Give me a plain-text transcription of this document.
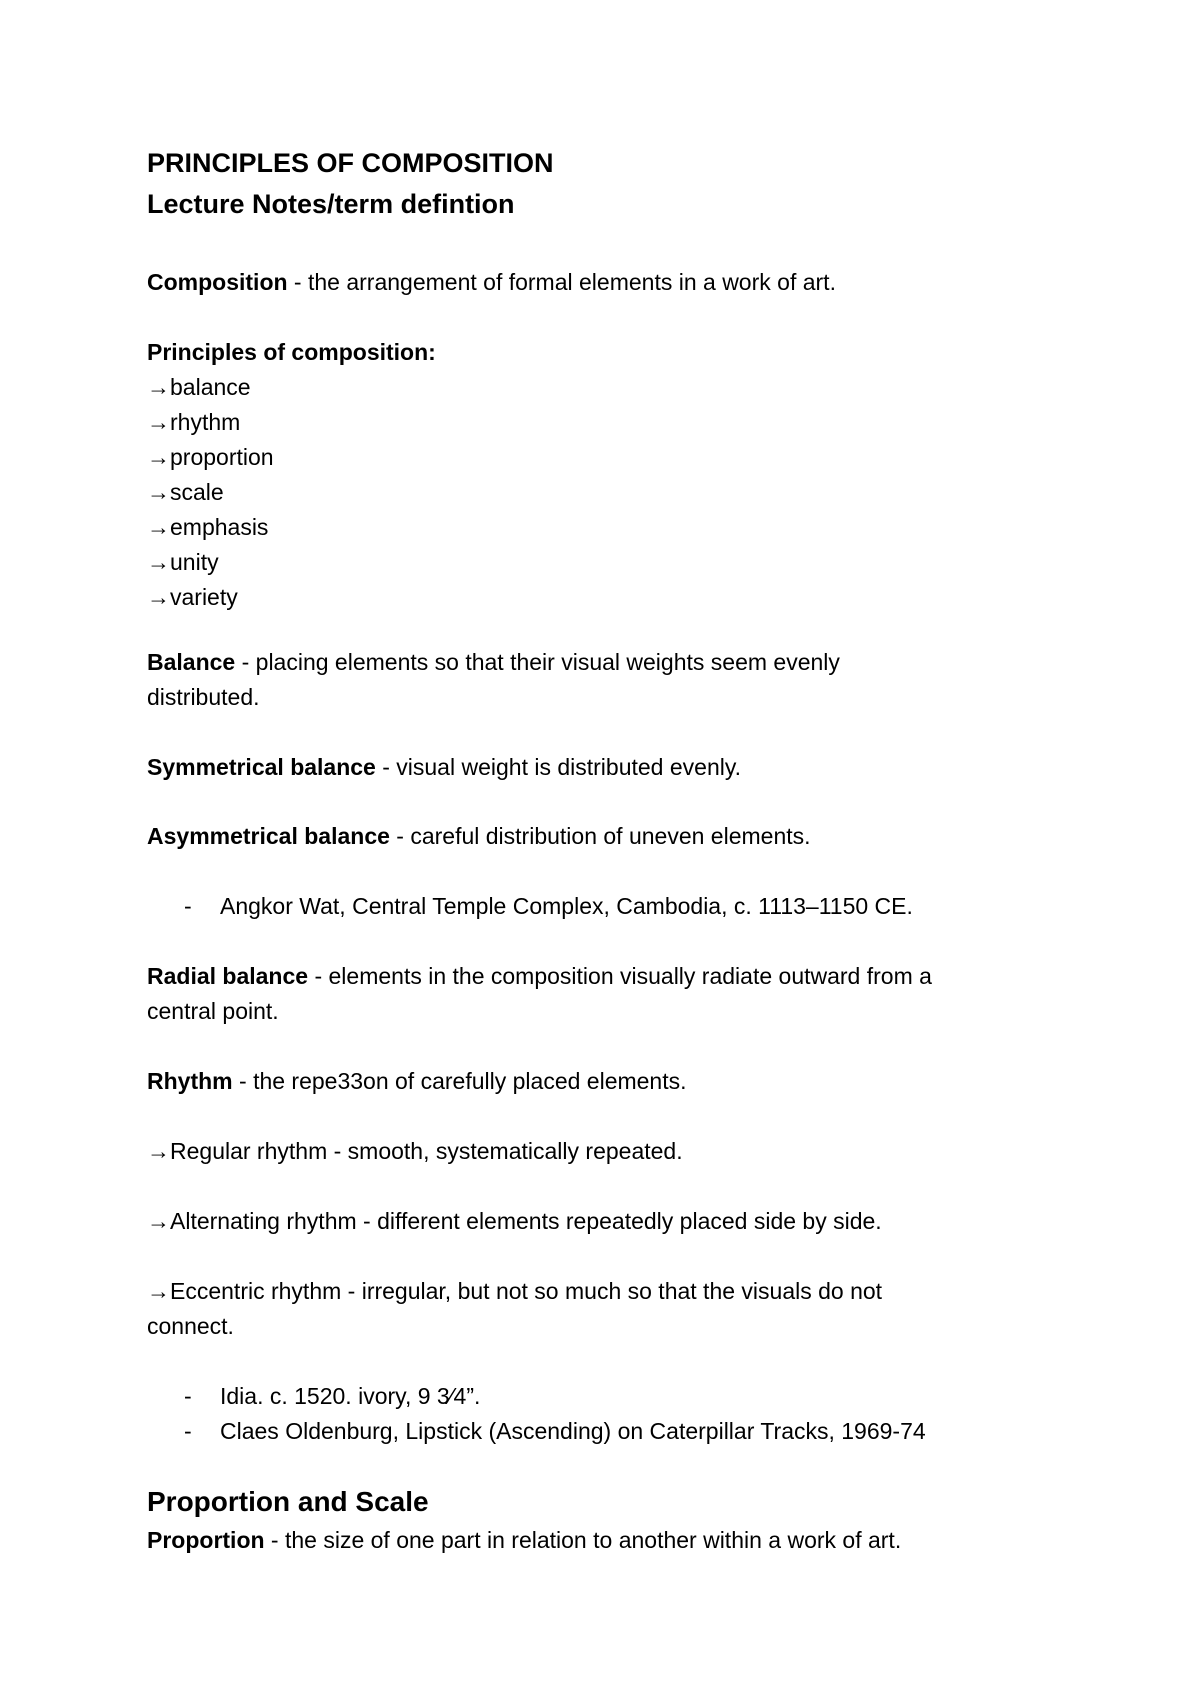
PRINCIPLES OF COMPOSITION
Lecture Notes/term defintion
Composition - the arrangement of formal elements in a work of art.
Principles of composition:
→balance
→rhythm
→proportion
→scale
→emphasis
→unity
→variety
Balance - placing elements so that their visual weights seem evenly
distributed.
Symmetrical balance - visual weight is distributed evenly.
Asymmetrical balance - careful distribution of uneven elements.
- Angkor Wat, Central Temple Complex, Cambodia, c. 1113–1150 CE.
Radial balance - elements in the composition visually radiate outward from a
central point.
Rhythm - the repe33on of carefully placed elements.
→Regular rhythm - smooth, systematically repeated.
→Alternating rhythm - different elements repeatedly placed side by side.
→Eccentric rhythm - irregular, but not so much so that the visuals do not
connect.
- Idia. c. 1520. ivory, 9 3⁄4”.
- Claes Oldenburg, Lipstick (Ascending) on Caterpillar Tracks, 1969-74
Proportion and Scale
Proportion - the size of one part in relation to another within a work of art.
